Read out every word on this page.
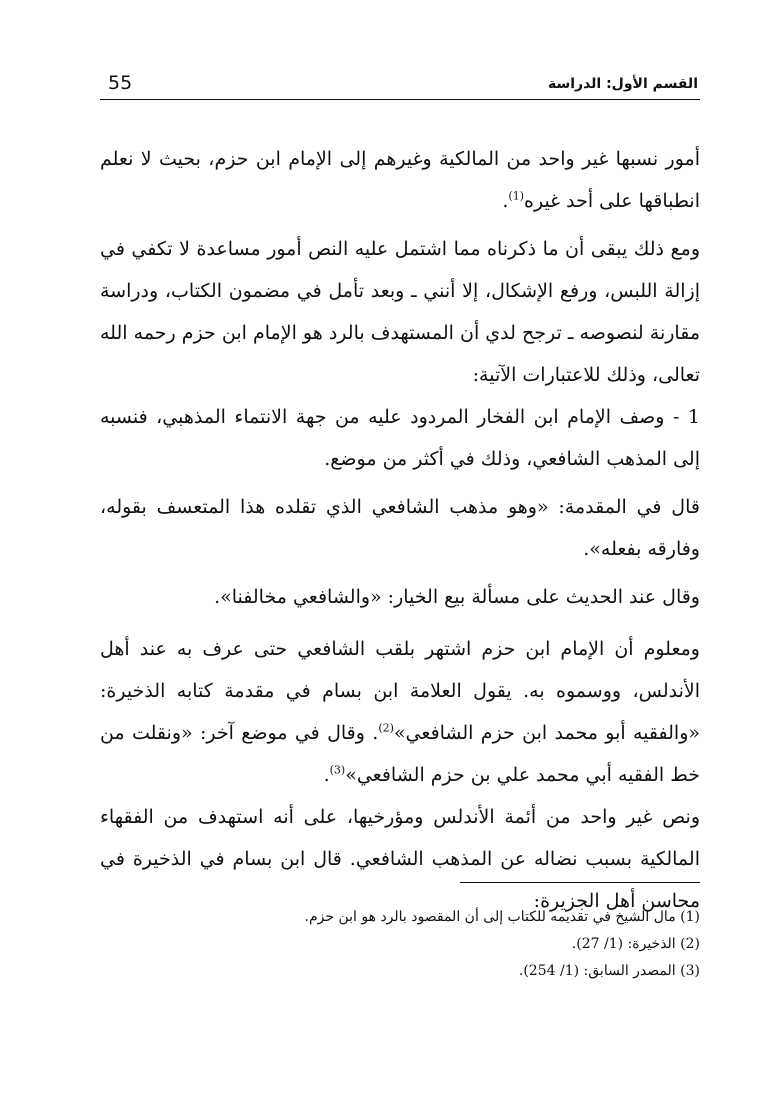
القسم الأول: الدراسة
55

أمور نسبها غير واحد من المالكية وغيرهم إلى الإمام ابن حزم، بحيث لا نعلم انطباقها على أحد غيره$^{(1)}$.

ومع ذلك يبقى أن ما ذكرناه مما اشتمل عليه النص أمور مساعدة لا تكفي في إزالة اللبس، ورفع الإشكال، إلا أنني ـ وبعد تأمل في مضمون الكتاب، ودراسة مقارنة لنصوصه ـ ترجح لدي أن المستهدف بالرد هو الإمام ابن حزم رحمه الله تعالى، وذلك للاعتبارات الآتية:

1 - وصف الإمام ابن الفخار المردود عليه من جهة الانتماء المذهبي، فنسبه إلى المذهب الشافعي، وذلك في أكثر من موضع.

قال في المقدمة: «وهو مذهب الشافعي الذي تقلده هذا المتعسف بقوله، وفارقه بفعله».

وقال عند الحديث على مسألة بيع الخيار: «والشافعي مخالفنا».

ومعلوم أن الإمام ابن حزم اشتهر بلقب الشافعي حتى عرف به عند أهل الأندلس، ووسموه به. يقول العلامة ابن بسام في مقدمة كتابه الذخيرة: «والفقيه أبو محمد ابن حزم الشافعي»$^{(2)}$. وقال في موضع آخر: «ونقلت من خط الفقيه أبي محمد علي بن حزم الشافعي»$^{(3)}$.

ونص غير واحد من أئمة الأندلس ومؤرخيها، على أنه استهدف من الفقهاء المالكية بسبب نضاله عن المذهب الشافعي. قال ابن بسام في الذخيرة في محاسن أهل الجزيرة:

(1) مال الشيخ في تقديمه للكتاب إلى أن المقصود بالرد هو ابن حزم.
(2) الذخيرة: (1/ 27).
(3) المصدر السابق: (1/ 254).
